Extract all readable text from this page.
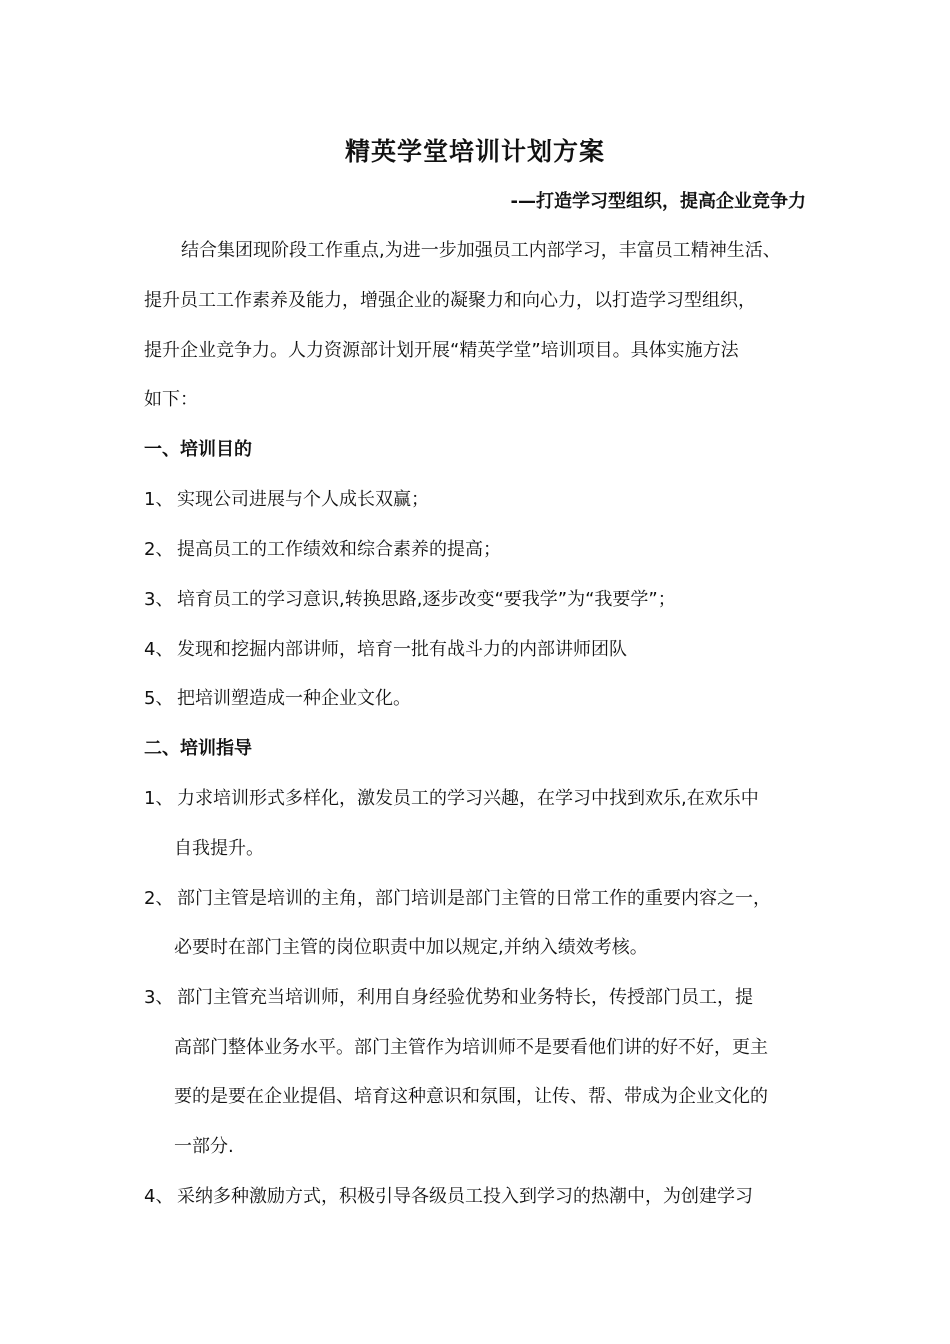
精英学堂培训计划方案
-—打造学习型组织，提高企业竞争力
结合集团现阶段工作重点,为进一步加强员工内部学习，丰富员工精神生活、
提升员工工作素养及能力，增强企业的凝聚力和向心力，以打造学习型组织，
提升企业竞争力。人力资源部计划开展“精英学堂”培训项目。具体实施方法
如下：
一、培训目的
1、 实现公司进展与个人成长双赢；
2、 提高员工的工作绩效和综合素养的提高；
3、 培育员工的学习意识,转换思路,逐步改变“要我学”为“我要学”；
4、 发现和挖掘内部讲师，培育一批有战斗力的内部讲师团队
5、 把培训塑造成一种企业文化。
二、培训指导
1、 力求培训形式多样化，激发员工的学习兴趣，在学习中找到欢乐,在欢乐中
自我提升。
2、 部门主管是培训的主角，部门培训是部门主管的日常工作的重要内容之一，
必要时在部门主管的岗位职责中加以规定,并纳入绩效考核。
3、 部门主管充当培训师，利用自身经验优势和业务特长，传授部门员工，提
高部门整体业务水平。部门主管作为培训师不是要看他们讲的好不好，更主
要的是要在企业提倡、培育这种意识和氛围，让传、帮、带成为企业文化的
一部分.
4、 采纳多种激励方式，积极引导各级员工投入到学习的热潮中，为创建学习
